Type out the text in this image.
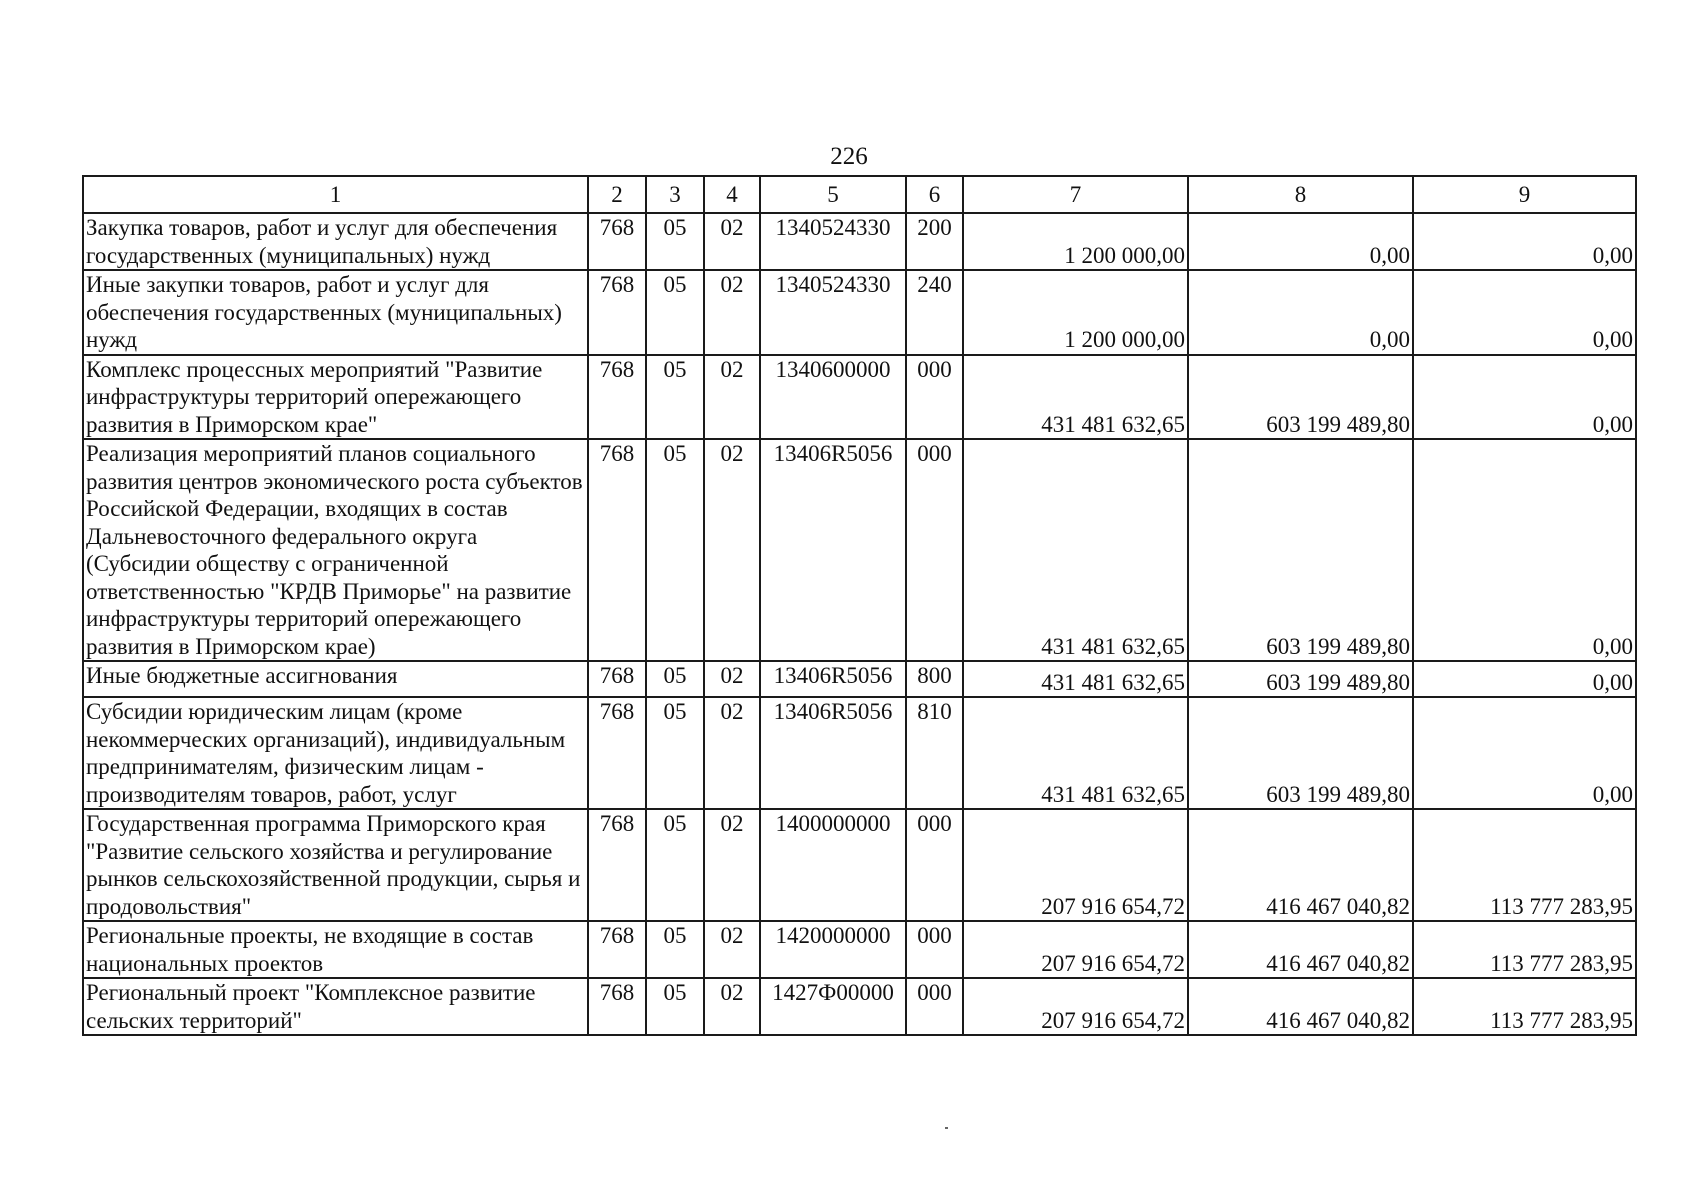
226
1	2	3	4	5	6	7	8	9
Закупка товаров, работ и услуг для обеспечения государственных (муниципальных) нужд	768	05	02	1340524330	200	1 200 000,00	0,00	0,00
Иные закупки товаров, работ и услуг для обеспечения государственных (муниципальных) нужд	768	05	02	1340524330	240	1 200 000,00	0,00	0,00
Комплекс процессных мероприятий "Развитие инфраструктуры территорий опережающего развития в Приморском крае"	768	05	02	1340600000	000	431 481 632,65	603 199 489,80	0,00
Реализация мероприятий планов социального развития центров экономического роста субъектов Российской Федерации, входящих в состав Дальневосточного федерального округа (Субсидии обществу с ограниченной ответственностью "КРДВ Приморье" на развитие инфраструктуры территорий опережающего развития в Приморском крае)	768	05	02	13406R5056	000	431 481 632,65	603 199 489,80	0,00
Иные бюджетные ассигнования	768	05	02	13406R5056	800	431 481 632,65	603 199 489,80	0,00
Субсидии юридическим лицам (кроме некоммерческих организаций), индивидуальным предпринимателям, физическим лицам - производителям товаров, работ, услуг	768	05	02	13406R5056	810	431 481 632,65	603 199 489,80	0,00
Государственная программа Приморского края "Развитие сельского хозяйства и регулирование рынков сельскохозяйственной продукции, сырья и продовольствия"	768	05	02	1400000000	000	207 916 654,72	416 467 040,82	113 777 283,95
Региональные проекты, не входящие в состав национальных проектов	768	05	02	1420000000	000	207 916 654,72	416 467 040,82	113 777 283,95
Региональный проект "Комплексное развитие сельских территорий"	768	05	02	1427Ф00000	000	207 916 654,72	416 467 040,82	113 777 283,95
